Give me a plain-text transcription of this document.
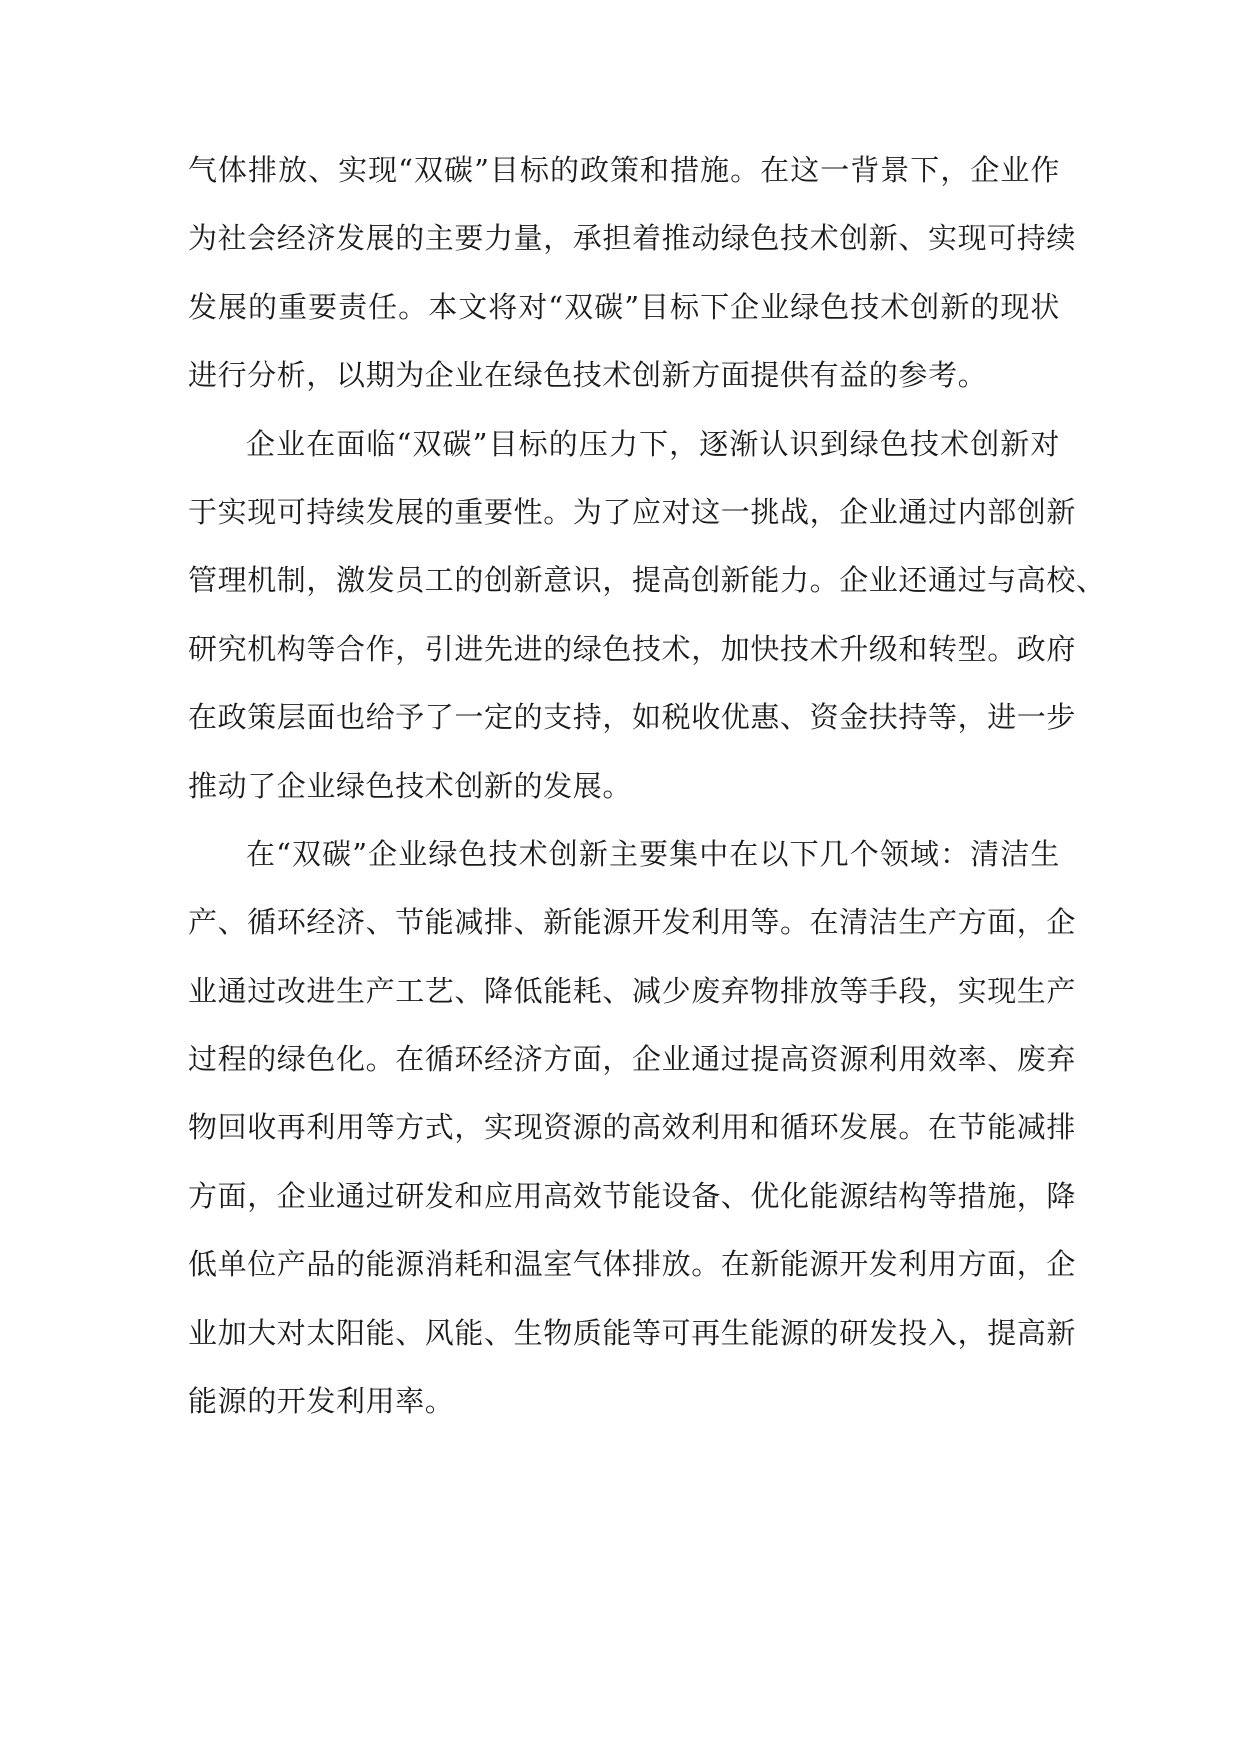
气体排放、实现“双碳”目标的政策和措施。在这一背景下，企业作
为社会经济发展的主要力量，承担着推动绿色技术创新、实现可持续
发展的重要责任。本文将对“双碳”目标下企业绿色技术创新的现状
进行分析，以期为企业在绿色技术创新方面提供有益的参考。
企业在面临“双碳”目标的压力下，逐渐认识到绿色技术创新对
于实现可持续发展的重要性。为了应对这一挑战，企业通过内部创新
管理机制，激发员工的创新意识，提高创新能力。企业还通过与高校、
研究机构等合作，引进先进的绿色技术，加快技术升级和转型。政府
在政策层面也给予了一定的支持，如税收优惠、资金扶持等，进一步
推动了企业绿色技术创新的发展。
在“双碳”企业绿色技术创新主要集中在以下几个领域：清洁生
产、循环经济、节能减排、新能源开发利用等。在清洁生产方面，企
业通过改进生产工艺、降低能耗、减少废弃物排放等手段，实现生产
过程的绿色化。在循环经济方面，企业通过提高资源利用效率、废弃
物回收再利用等方式，实现资源的高效利用和循环发展。在节能减排
方面，企业通过研发和应用高效节能设备、优化能源结构等措施，降
低单位产品的能源消耗和温室气体排放。在新能源开发利用方面，企
业加大对太阳能、风能、生物质能等可再生能源的研发投入，提高新
能源的开发利用率。
